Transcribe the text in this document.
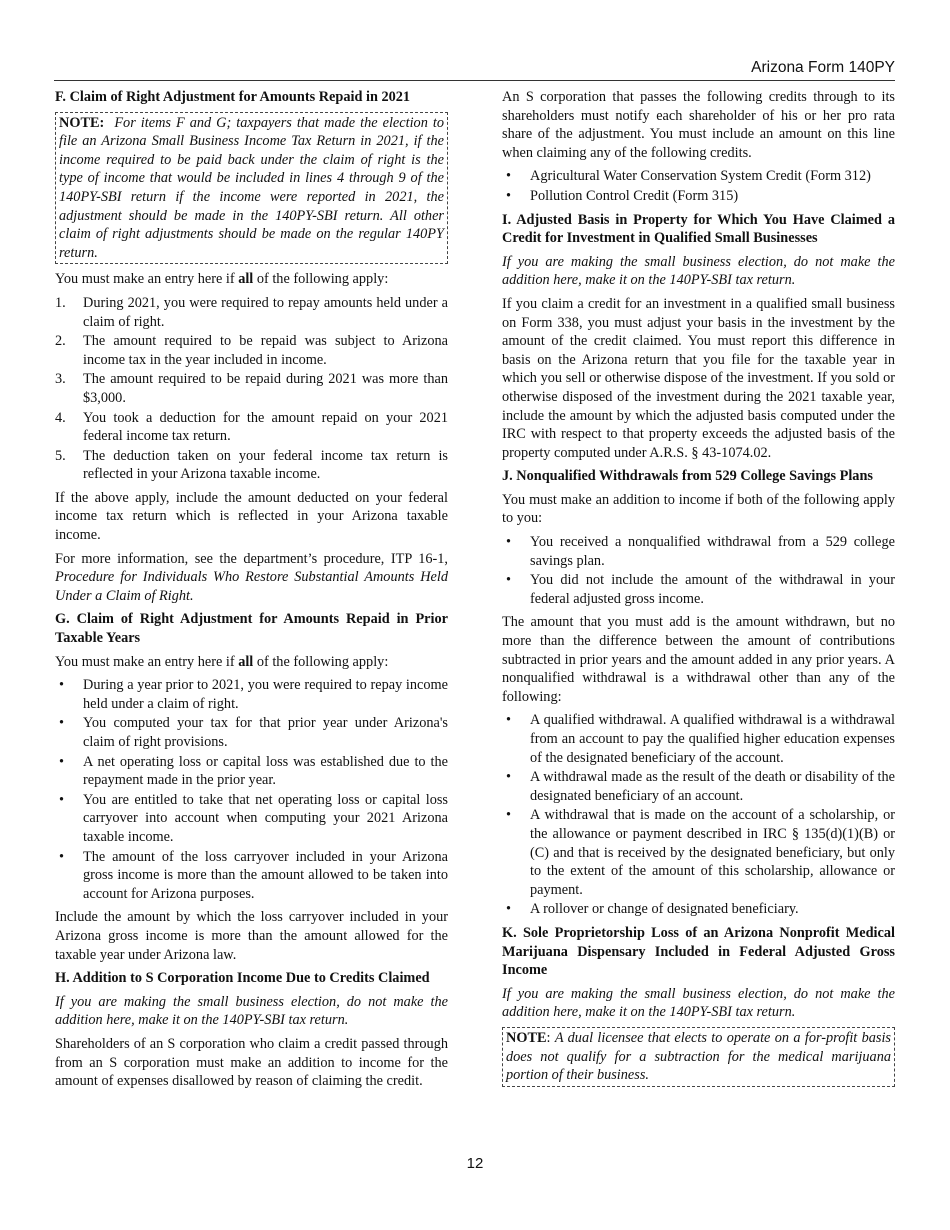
Arizona Form 140PY
F. Claim of Right Adjustment for Amounts Repaid in 2021
NOTE: For items F and G; taxpayers that made the election to file an Arizona Small Business Income Tax Return in 2021, if the income required to be paid back under the claim of right is the type of income that would be included in lines 4 through 9 of the 140PY-SBI return if the income were reported in 2021, the adjustment should be made in the 140PY-SBI return. All other claim of right adjustments should be made on the regular 140PY return.

You must make an entry here if all of the following apply:

1. During 2021, you were required to repay amounts held under a claim of right.
2. The amount required to be repaid was subject to Arizona income tax in the year included in income.
3. The amount required to be repaid during 2021 was more than $3,000.
4. You took a deduction for the amount repaid on your 2021 federal income tax return.
5. The deduction taken on your federal income tax return is reflected in your Arizona taxable income.

If the above apply, include the amount deducted on your federal income tax return which is reflected in your Arizona taxable income.

For more information, see the department’s procedure, ITP 16-1, Procedure for Individuals Who Restore Substantial Amounts Held Under a Claim of Right.

G. Claim of Right Adjustment for Amounts Repaid in Prior Taxable Years

You must make an entry here if all of the following apply:

• During a year prior to 2021, you were required to repay income held under a claim of right.
• You computed your tax for that prior year under Arizona's claim of right provisions.
• A net operating loss or capital loss was established due to the repayment made in the prior year.
• You are entitled to take that net operating loss or capital loss carryover into account when computing your 2021 Arizona taxable income.
• The amount of the loss carryover included in your Arizona gross income is more than the amount allowed to be taken into account for Arizona purposes.

Include the amount by which the loss carryover included in your Arizona gross income is more than the amount allowed for the taxable year under Arizona law.

H. Addition to S Corporation Income Due to Credits Claimed

If you are making the small business election, do not make the addition here, make it on the 140PY-SBI tax return.

Shareholders of an S corporation who claim a credit passed through from an S corporation must make an addition to income for the amount of expenses disallowed by reason of claiming the credit.

An S corporation that passes the following credits through to its shareholders must notify each shareholder of his or her pro rata share of the adjustment. You must include an amount on this line when claiming any of the following credits.

• Agricultural Water Conservation System Credit (Form 312)
• Pollution Control Credit (Form 315)
I. Adjusted Basis in Property for Which You Have Claimed a Credit for Investment in Qualified Small Businesses

If you are making the small business election, do not make the addition here, make it on the 140PY-SBI tax return.

If you claim a credit for an investment in a qualified small business on Form 338, you must adjust your basis in the investment by the amount of the credit claimed. You must report this difference in basis on the Arizona return that you file for the taxable year in which you sell or otherwise dispose of the investment. If you sold or otherwise disposed of the investment during the 2021 taxable year, include the amount by which the adjusted basis computed under the IRC with respect to that property exceeds the adjusted basis of the property computed under A.R.S. § 43-1074.02.

J. Nonqualified Withdrawals from 529 College Savings Plans

You must make an addition to income if both of the following apply to you:

• You received a nonqualified withdrawal from a 529 college savings plan.
• You did not include the amount of the withdrawal in your federal adjusted gross income.

The amount that you must add is the amount withdrawn, but no more than the difference between the amount of contributions subtracted in prior years and the amount added in any prior years. A nonqualified withdrawal is a withdrawal other than any of the following:

• A qualified withdrawal. A qualified withdrawal is a withdrawal from an account to pay the qualified higher education expenses of the designated beneficiary of the account.
• A withdrawal made as the result of the death or disability of the designated beneficiary of an account.
• A withdrawal that is made on the account of a scholarship, or the allowance or payment described in IRC § 135(d)(1)(B) or (C) and that is received by the designated beneficiary, but only to the extent of the amount of this scholarship, allowance or payment.
• A rollover or change of designated beneficiary.
K. Sole Proprietorship Loss of an Arizona Nonprofit Medical Marijuana Dispensary Included in Federal Adjusted Gross Income

If you are making the small business election, do not make the addition here, make it on the 140PY-SBI tax return.

NOTE: A dual licensee that elects to operate on a for-profit basis does not qualify for a subtraction for the medical marijuana portion of their business.
12
